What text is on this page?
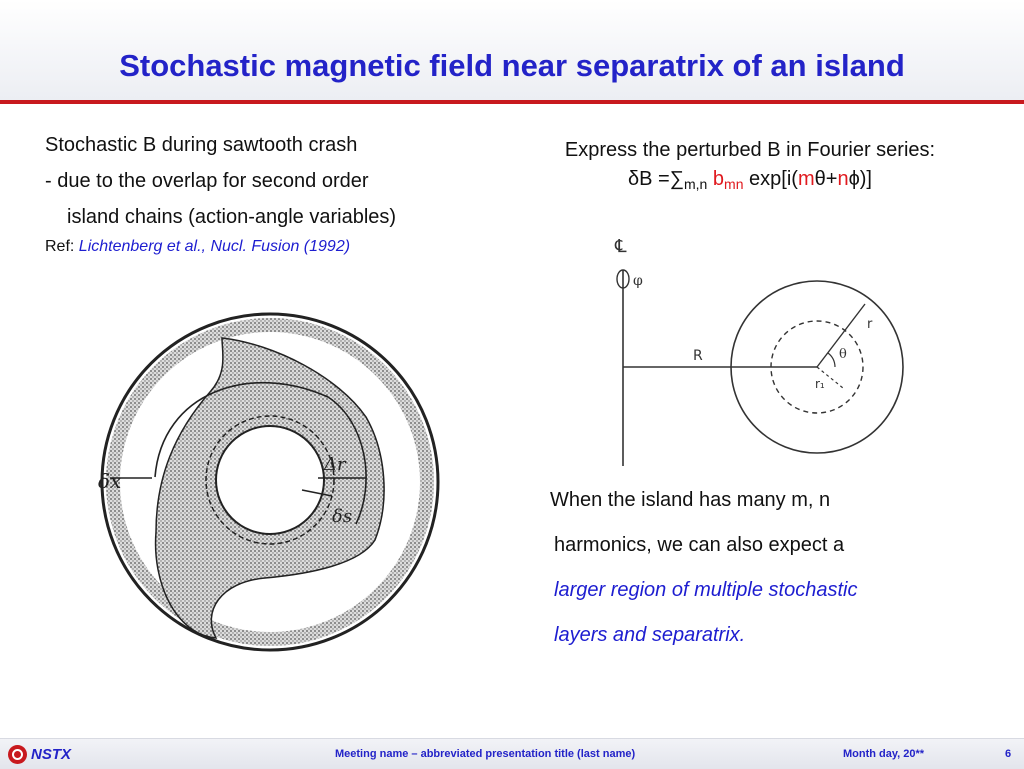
Stochastic magnetic field near separatrix of an island
Stochastic B during sawtooth crash
- due to the overlap for second order
island chains (action-angle variables)
Ref: Lichtenberg et al., Nucl. Fusion (1992)
δx
Δr
δs
Express the perturbed B in Fourier series:
$\delta B =\sum_{m,n}$ $b_{mn}$ exp[i(mθ+nϕ)]
℄
φ
R
r
θ
r₁
When the island has many m, n
harmonics, we can also expect a
larger region of multiple stochastic
layers and separatrix.
NSTX	Meeting name – abbreviated presentation title (last name)	Month day, 20**	6
